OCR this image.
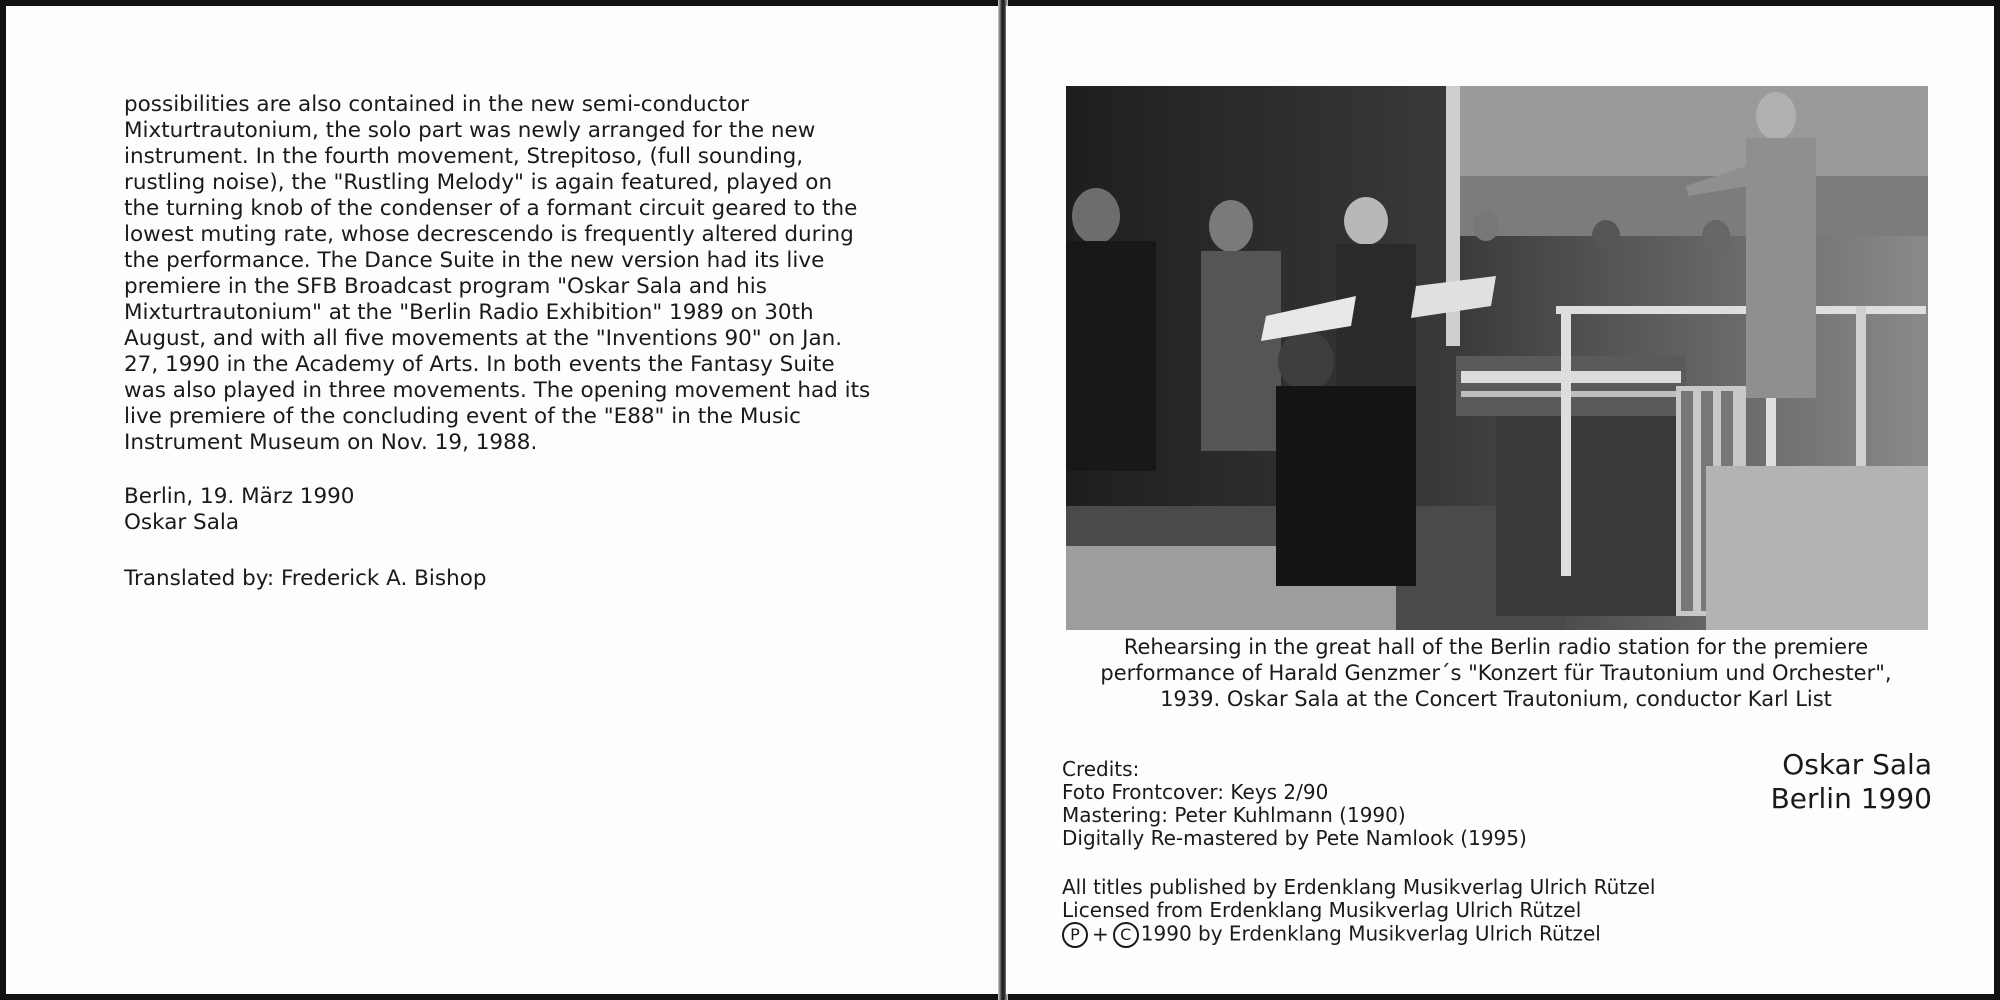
possibilities are also contained in the new semi-conductor
Mixturtrautonium, the solo part was newly arranged for the new
instrument. In the fourth movement, Strepitoso, (full sounding,
rustling noise), the "Rustling Melody" is again featured, played on
the turning knob of the condenser of a formant circuit geared to the
lowest muting rate, whose decrescendo is frequently altered during
the performance. The Dance Suite in the new version had its live
premiere in the SFB Broadcast program "Oskar Sala and his
Mixturtrautonium" at the "Berlin Radio Exhibition" 1989 on 30th
August, and with all five movements at the "Inventions 90" on Jan.
27, 1990 in the Academy of Arts. In both events the Fantasy Suite
was also played in three movements. The opening movement had its
live premiere of the concluding event of the "E88" in the Music
Instrument Museum on Nov. 19, 1988.
Berlin, 19. März 1990
Oskar Sala
Translated by: Frederick A. Bishop
Rehearsing in the great hall of the Berlin radio station for the premiere
performance of Harald Genzmer´s "Konzert für Trautonium und Orchester",
1939. Oskar Sala at the Concert Trautonium, conductor Karl List
Credits:
Foto Frontcover: Keys 2/90
Mastering: Peter Kuhlmann (1990)
Digitally Re-mastered by Pete Namlook (1995)
All titles published by Erdenklang Musikverlag Ulrich Rützel
Licensed from Erdenklang Musikverlag Ulrich Rützel
P + C 1990 by Erdenklang Musikverlag Ulrich Rützel
Oskar Sala
Berlin 1990
